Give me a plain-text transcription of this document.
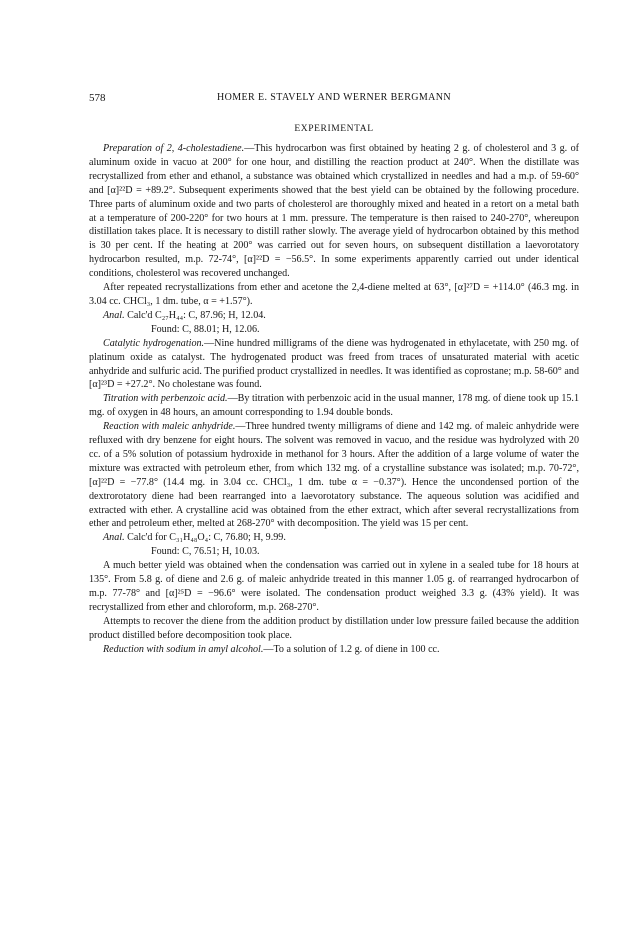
578	HOMER E. STAVELY AND WERNER BERGMANN
EXPERIMENTAL

Preparation of 2, 4-cholestadiene.—This hydrocarbon was first obtained by heating 2 g. of cholesterol and 3 g. of aluminum oxide in vacuo at 200° for one hour, and distilling the reaction product at 240°. When the distillate was recrystallized from ether and ethanol, a substance was obtained which crystallized in needles and had a m.p. of 59-60° and [α]²²D = +89.2°. Subsequent experiments showed that the best yield can be obtained by the following procedure. Three parts of aluminum oxide and two parts of cholesterol are thoroughly mixed and heated in a retort on a metal bath at a temperature of 200-220° for two hours at 1 mm. pressure. The temperature is then raised to 240-270°, whereupon distillation takes place. It is necessary to distill rather slowly. The average yield of hydrocarbon obtained by this method is 30 per cent. If the heating at 200° was carried out for seven hours, on subsequent distillation a laevorotatory hydrocarbon resulted, m.p. 72-74°, [α]²²D = −56.5°. In some experiments apparently carried out under identical conditions, cholesterol was recovered unchanged.

After repeated recrystallizations from ether and acetone the 2,4-diene melted at 63°, [α]²⁷D = +114.0° (46.3 mg. in 3.04 cc. CHCl₃, 1 dm. tube, α = +1.57°).

Anal. Calc'd C₂₇H₄₄: C, 87.96; H, 12.04.

Found: C, 88.01; H, 12.06.

Catalytic hydrogenation.—Nine hundred milligrams of the diene was hydrogenated in ethylacetate, with 250 mg. of platinum oxide as catalyst. The hydrogenated product was freed from traces of unsaturated material with acetic anhydride and sulfuric acid. The purified product crystallized in needles. It was identified as coprostane; m.p. 58-60° and [α]²³D = +27.2°. No cholestane was found.

Titration with perbenzoic acid.—By titration with perbenzoic acid in the usual manner, 178 mg. of diene took up 15.1 mg. of oxygen in 48 hours, an amount corresponding to 1.94 double bonds.

Reaction with maleic anhydride.—Three hundred twenty milligrams of diene and 142 mg. of maleic anhydride were refluxed with dry benzene for eight hours. The solvent was removed in vacuo, and the residue was hydrolyzed with 20 cc. of a 5% solution of potassium hydroxide in methanol for 3 hours. After the addition of a large volume of water the mixture was extracted with petroleum ether, from which 132 mg. of a crystalline substance was isolated; m.p. 70-72°, [α]²²D = −77.8° (14.4 mg. in 3.04 cc. CHCl₃, 1 dm. tube α = −0.37°). Hence the uncondensed portion of the dextrorotatory diene had been rearranged into a laevorotatory substance. The aqueous solution was acidified and extracted with ether. A crystalline acid was obtained from the ether extract, which after several recrystallizations from ether and petroleum ether, melted at 268-270° with decomposition. The yield was 15 per cent.

Anal. Calc'd for C₃₁H₄₈O₄: C, 76.80; H, 9.99.

Found: C, 76.51; H, 10.03.

A much better yield was obtained when the condensation was carried out in xylene in a sealed tube for 18 hours at 135°. From 5.8 g. of diene and 2.6 g. of maleic anhydride treated in this manner 1.05 g. of rearranged hydrocarbon of m.p. 77-78° and [α]²⁵D = −96.6° were isolated. The condensation product weighed 3.3 g. (43% yield). It was recrystallized from ether and chloroform, m.p. 268-270°.

Attempts to recover the diene from the addition product by distillation under low pressure failed because the addition product distilled before decomposition took place.

Reduction with sodium in amyl alcohol.—To a solution of 1.2 g. of diene in 100 cc.
